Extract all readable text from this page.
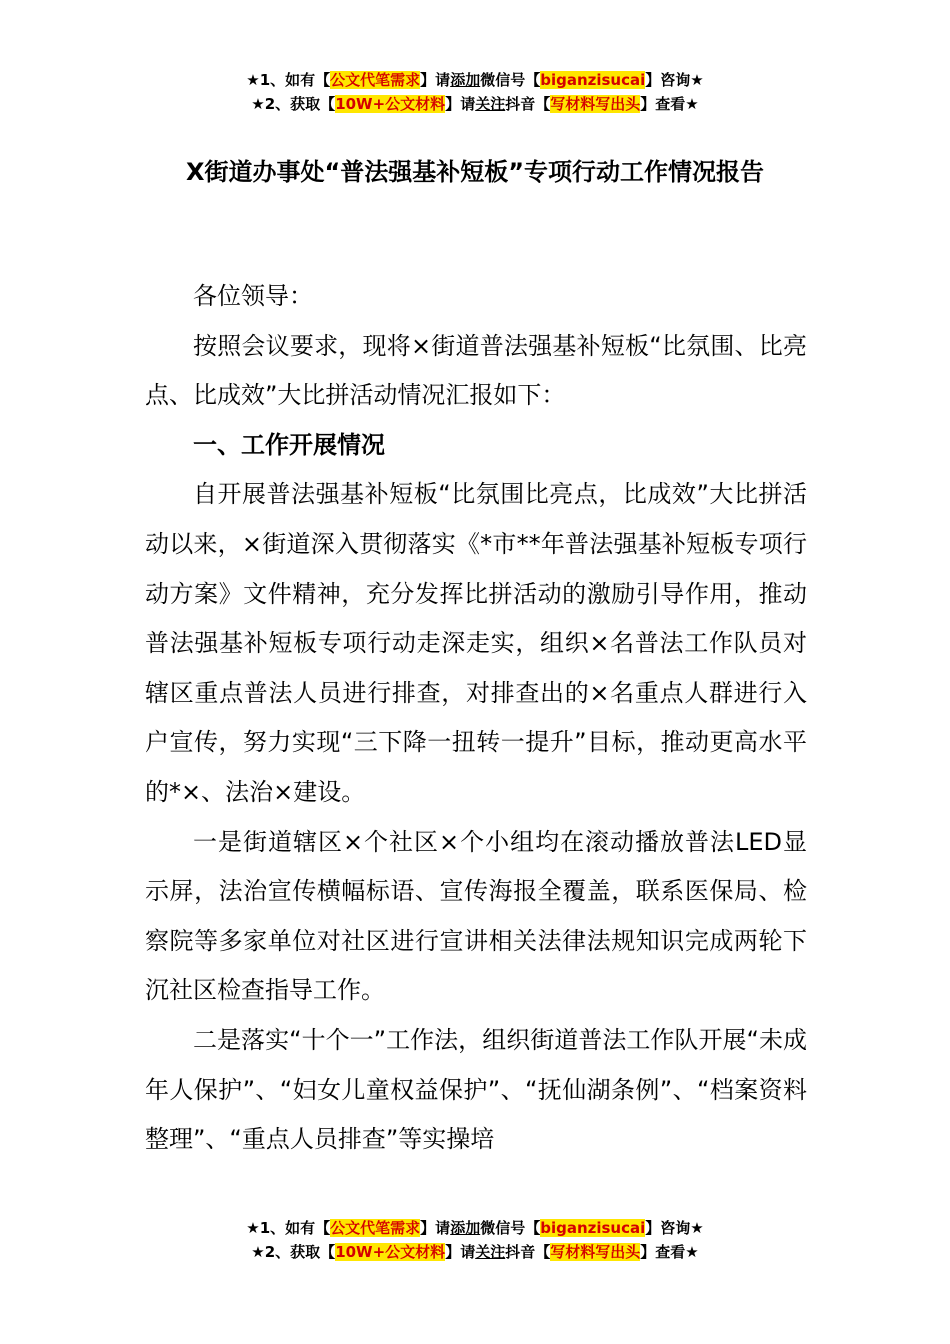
★1、如有【公文代笔需求】请添加微信号【biganzisucai】咨询★
★2、获取【10W+公文材料】请关注抖音【写材料写出头】查看★
X街道办事处“普法强基补短板”专项行动工作情况报告

各位领导：

按照会议要求，现将×街道普法强基补短板“比氛围、比亮点、比成效”大比拼活动情况汇报如下：

一、工作开展情况

自开展普法强基补短板“比氛围比亮点，比成效”大比拼活动以来，×街道深入贯彻落实《*市**年普法强基补短板专项行动方案》文件精神，充分发挥比拼活动的激励引导作用，推动普法强基补短板专项行动走深走实，组织×名普法工作队员对辖区重点普法人员进行排查，对排查出的×名重点人群进行入户宣传，努力实现“三下降一扭转一提升”目标，推动更高水平的*×、法治×建设。

一是街道辖区×个社区×个小组均在滚动播放普法LED显示屏，法治宣传横幅标语、宣传海报全覆盖，联系医保局、检察院等多家单位对社区进行宣讲相关法律法规知识完成两轮下沉社区检查指导工作。

二是落实“十个一”工作法，组织街道普法工作队开展“未成年人保护”、“妇女儿童权益保护”、“抚仙湖条例”、“档案资料整理”、“重点人员排查”等实操培

★1、如有【公文代笔需求】请添加微信号【biganzisucai】咨询★
★2、获取【10W+公文材料】请关注抖音【写材料写出头】查看★
